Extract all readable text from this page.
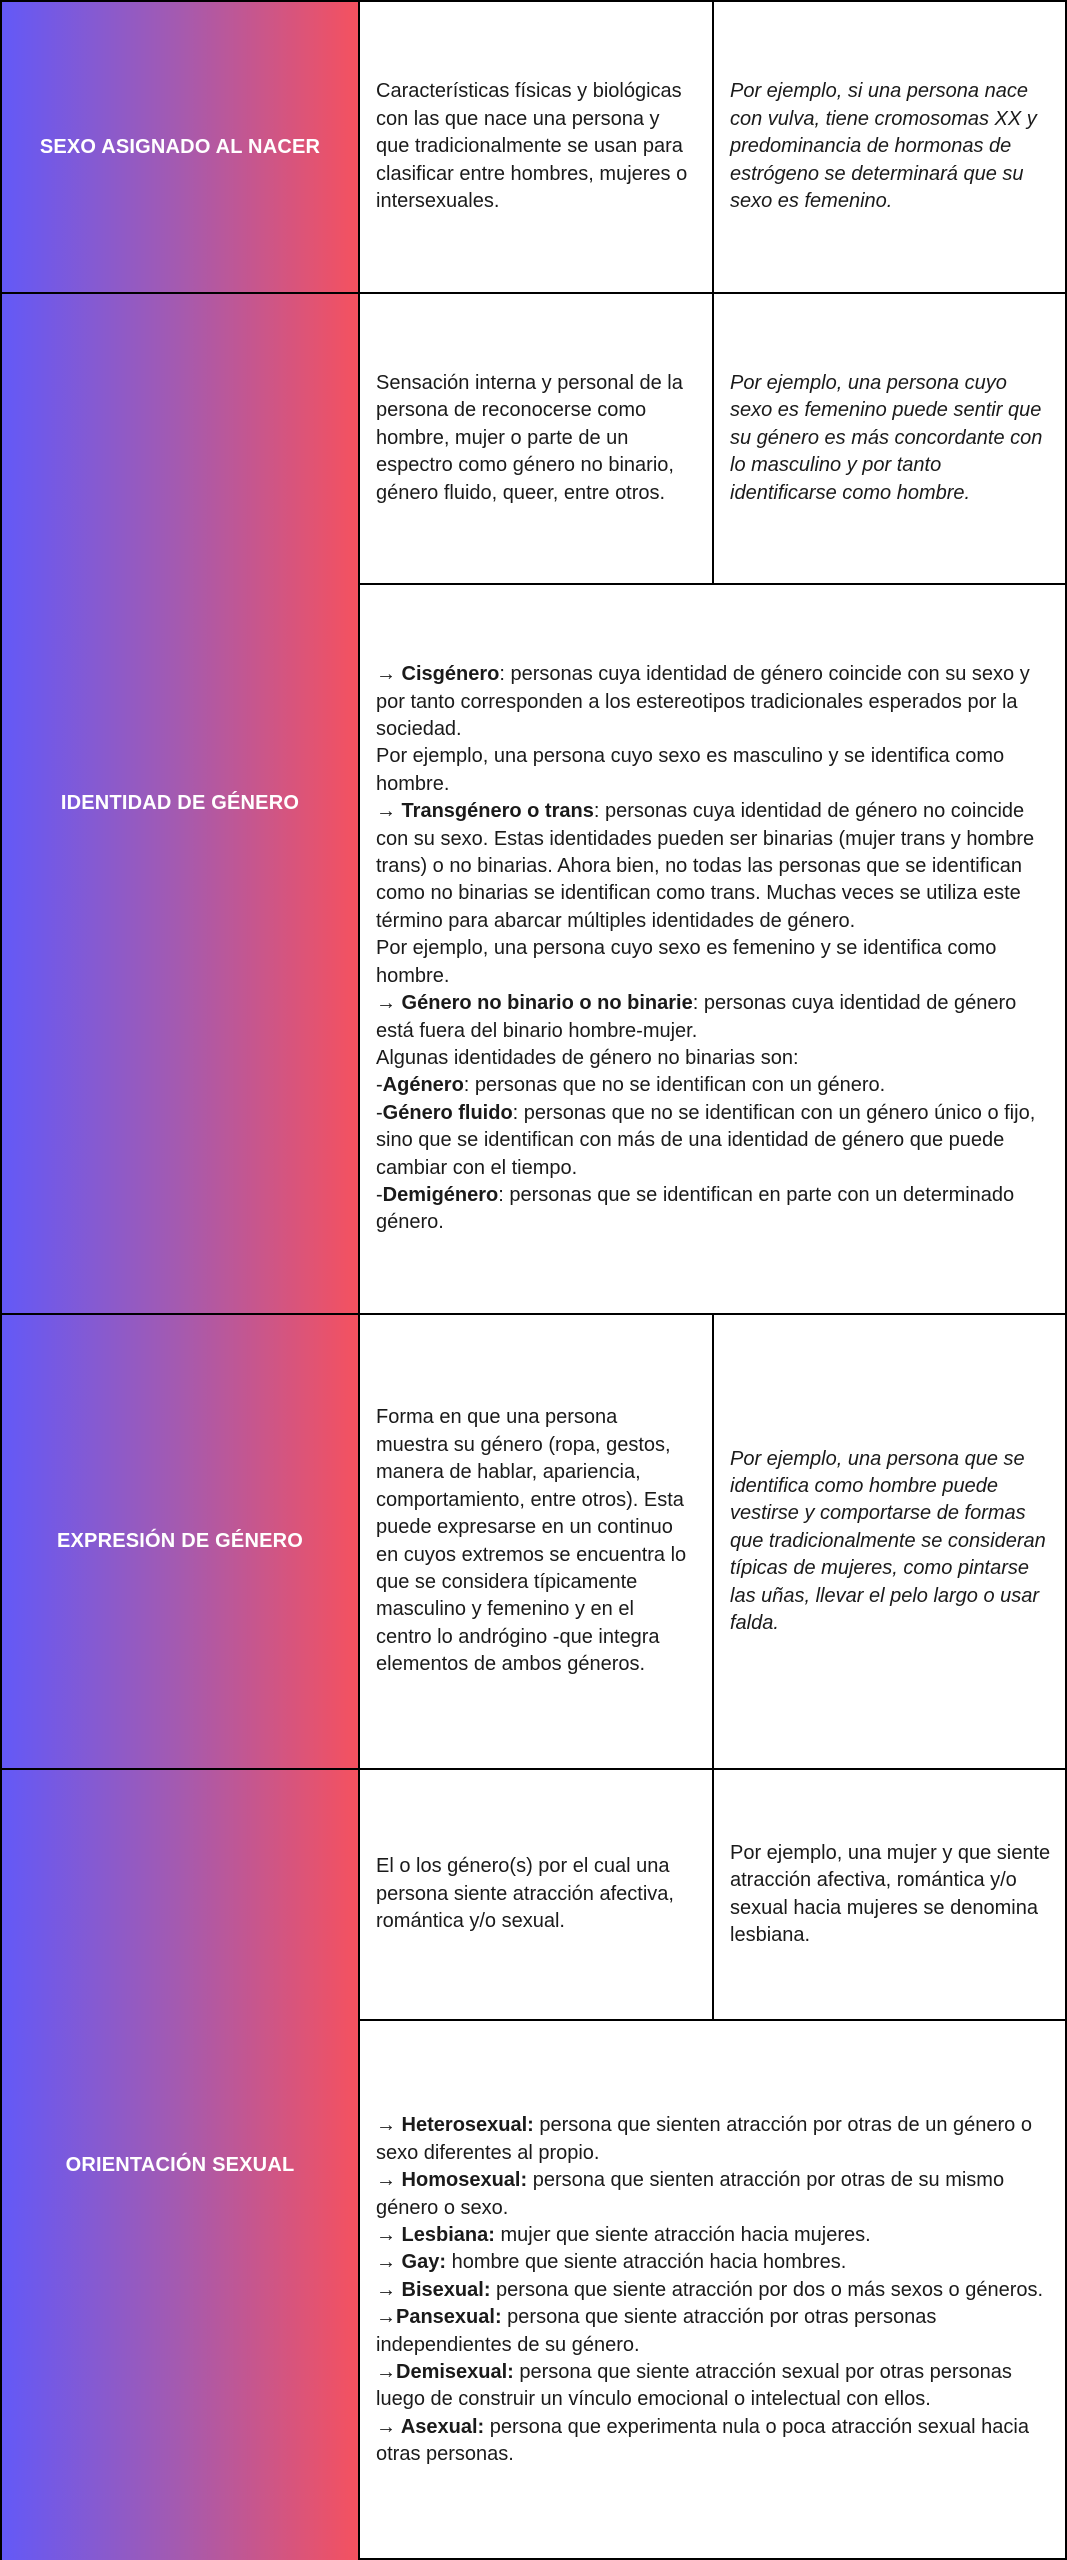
SEXO ASIGNADO AL NACER
Características físicas y biológicas con las que nace una persona y que tradicionalmente se usan para clasificar entre hombres, mujeres o intersexuales.
Por ejemplo, si una persona nace con vulva, tiene cromosomas XX y predominancia de hormonas de estrógeno se determinará que su sexo es femenino.
IDENTIDAD DE GÉNERO
Sensación interna y personal de la persona de reconocerse como hombre, mujer o parte de un espectro como género no binario, género fluido, queer, entre otros.
Por ejemplo, una persona cuyo sexo es femenino puede sentir que su género es más concordante con lo masculino y por tanto identificarse como hombre.
→ Cisgénero: personas cuya identidad de género coincide con su sexo y por tanto corresponden a los estereotipos tradicionales esperados por la sociedad.
Por ejemplo, una persona cuyo sexo es masculino y se identifica como hombre.
→ Transgénero o trans: personas cuya identidad de género no coincide con su sexo. Estas identidades pueden ser binarias (mujer trans y hombre trans) o no binarias. Ahora bien, no todas las personas que se identifican como no binarias se identifican como trans. Muchas veces se utiliza este término para abarcar múltiples identidades de género.
Por ejemplo, una persona cuyo sexo es femenino y se identifica como hombre.
→ Género no binario o no binarie: personas cuya identidad de género está fuera del binario hombre-mujer.
Algunas identidades de género no binarias son:
-Agénero: personas que no se identifican con un género.
-Género fluido: personas que no se identifican con un género único o fijo, sino que se identifican con más de una identidad de género que puede cambiar con el tiempo.
-Demigénero: personas que se identifican en parte con un determinado género.
EXPRESIÓN DE GÉNERO
Forma en que una persona muestra su género (ropa, gestos, manera de hablar, apariencia, comportamiento, entre otros). Esta puede expresarse en un continuo en cuyos extremos se encuentra lo que se considera típicamente masculino y femenino y en el centro lo andrógino -que integra elementos de ambos géneros.
Por ejemplo, una persona que se identifica como hombre puede vestirse y comportarse de formas que tradicionalmente se consideran típicas de mujeres, como pintarse las uñas, llevar el pelo largo o usar falda.
ORIENTACIÓN SEXUAL
El o los género(s) por el cual una persona siente atracción afectiva, romántica y/o sexual.
Por ejemplo, una mujer y que siente atracción afectiva, romántica y/o sexual hacia mujeres se denomina lesbiana.
→ Heterosexual: persona que sienten atracción por otras de un género o sexo diferentes al propio.
→ Homosexual: persona que sienten atracción por otras de su mismo género o sexo.
→ Lesbiana: mujer que siente atracción hacia mujeres.
→ Gay: hombre que siente atracción hacia hombres.
→ Bisexual: persona que siente atracción por dos o más sexos o géneros.
→Pansexual: persona que siente atracción por otras personas independientes de su género.
→Demisexual: persona que siente atracción sexual por otras personas luego de construir un vínculo emocional o intelectual con ellos.
→ Asexual: persona que experimenta nula o poca atracción sexual hacia otras personas.
